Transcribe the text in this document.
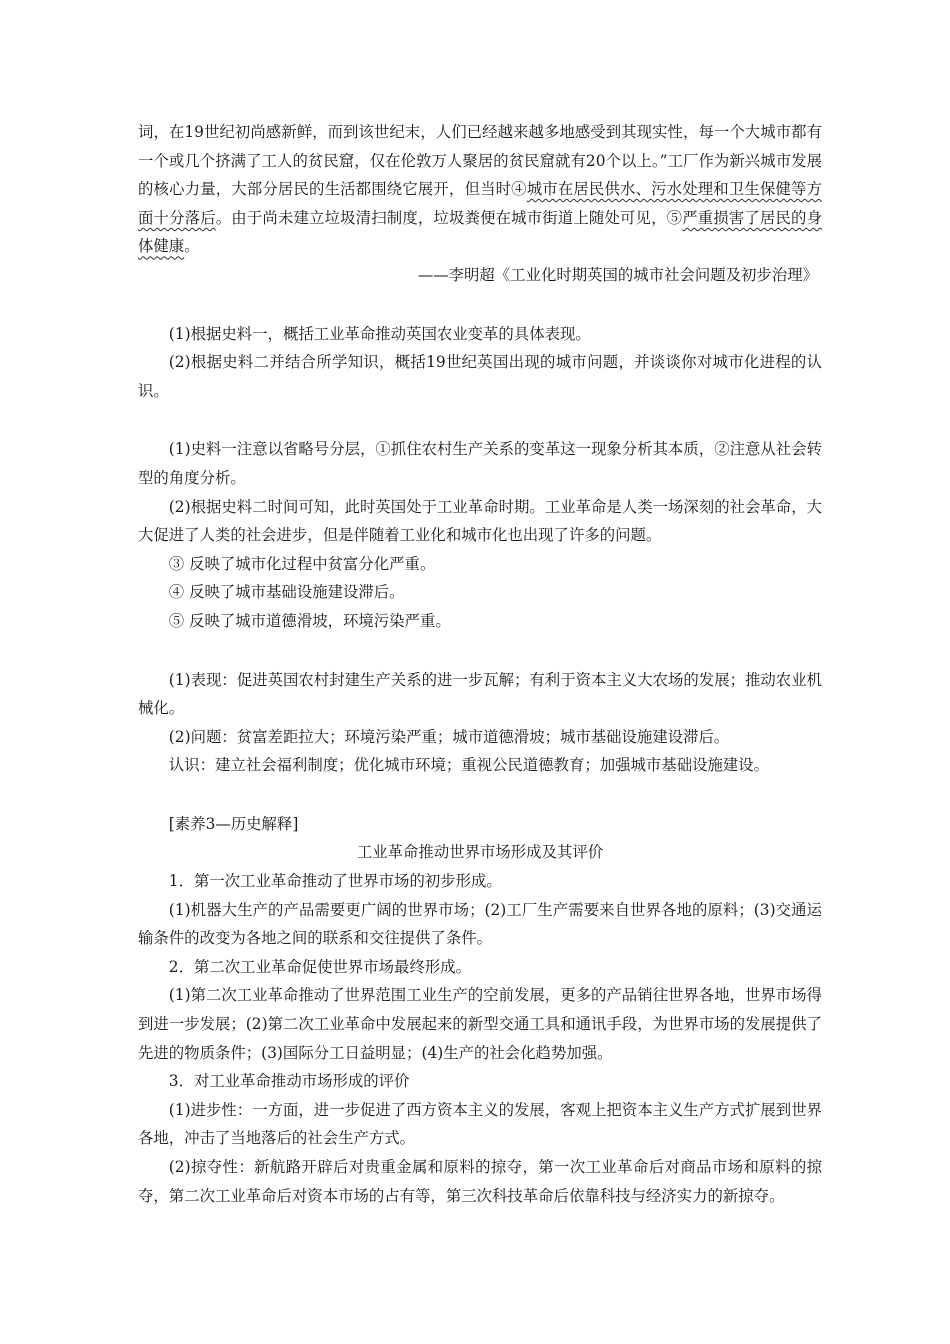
词，在19世纪初尚感新鲜，而到该世纪末，人们已经越来越多地感受到其现实性，每一个大城市都有一个或几个挤满了工人的贫民窟，仅在伦敦万人聚居的贫民窟就有20个以上。”工厂作为新兴城市发展的核心力量，大部分居民的生活都围绕它展开，但当时④城市在居民供水、污水处理和卫生保健等方面十分落后。由于尚未建立垃圾清扫制度，垃圾粪便在城市街道上随处可见，⑤严重损害了居民的身体健康。

——李明超《工业化时期英国的城市社会问题及初步治理》

(1)根据史料一，概括工业革命推动英国农业变革的具体表现。

(2)根据史料二并结合所学知识，概括19世纪英国出现的城市问题，并谈谈你对城市化进程的认识。

(1)史料一注意以省略号分层，①抓住农村生产关系的变革这一现象分析其本质，②注意从社会转型的角度分析。

(2)根据史料二时间可知，此时英国处于工业革命时期。工业革命是人类一场深刻的社会革命，大大促进了人类的社会进步，但是伴随着工业化和城市化也出现了许多的问题。

③ 反映了城市化过程中贫富分化严重。

④ 反映了城市基础设施建设滞后。

⑤ 反映了城市道德滑坡，环境污染严重。

(1)表现：促进英国农村封建生产关系的进一步瓦解；有利于资本主义大农场的发展；推动农业机械化。

(2)问题：贫富差距拉大；环境污染严重；城市道德滑坡；城市基础设施建设滞后。

认识：建立社会福利制度；优化城市环境；重视公民道德教育；加强城市基础设施建设。

[素养3—历史解释]

工业革命推动世界市场形成及其评价

1．第一次工业革命推动了世界市场的初步形成。

(1)机器大生产的产品需要更广阔的世界市场；(2)工厂生产需要来自世界各地的原料；(3)交通运输条件的改变为各地之间的联系和交往提供了条件。

2．第二次工业革命促使世界市场最终形成。

(1)第二次工业革命推动了世界范围工业生产的空前发展，更多的产品销往世界各地，世界市场得到进一步发展；(2)第二次工业革命中发展起来的新型交通工具和通讯手段，为世界市场的发展提供了先进的物质条件；(3)国际分工日益明显；(4)生产的社会化趋势加强。

3．对工业革命推动市场形成的评价

(1)进步性：一方面，进一步促进了西方资本主义的发展，客观上把资本主义生产方式扩展到世界各地，冲击了当地落后的社会生产方式。

(2)掠夺性：新航路开辟后对贵重金属和原料的掠夺，第一次工业革命后对商品市场和原料的掠夺，第二次工业革命后对资本市场的占有等，第三次科技革命后依靠科技与经济实力的新掠夺。
